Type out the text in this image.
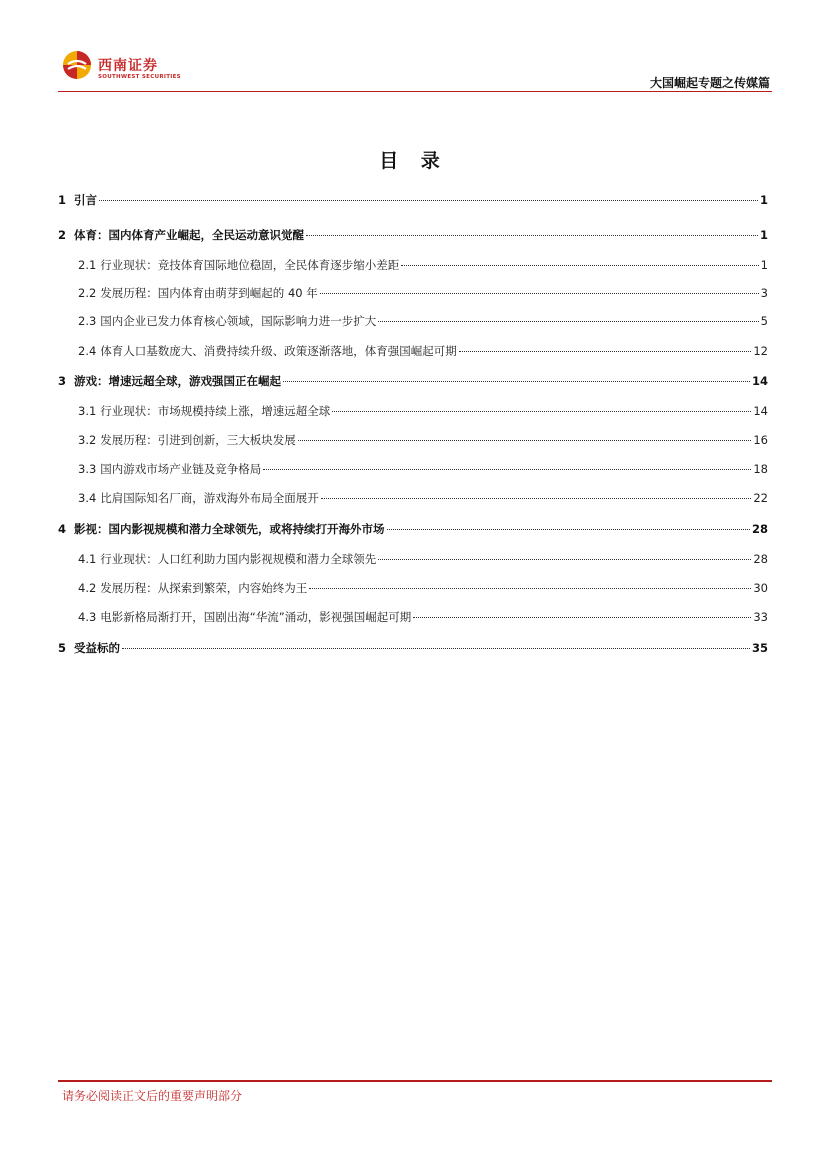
西南证券
SOUTHWEST SECURITIES	大国崛起专题之传媒篇
目 录
1 引言	1
2 体育：国内体育产业崛起，全民运动意识觉醒	1
2.1 行业现状：竞技体育国际地位稳固，全民体育逐步缩小差距	1
2.2 发展历程：国内体育由萌芽到崛起的 40 年	3
2.3 国内企业已发力体育核心领域，国际影响力进一步扩大	5
2.4 体育人口基数庞大、消费持续升级、政策逐渐落地，体育强国崛起可期	12
3 游戏：增速远超全球，游戏强国正在崛起	14
3.1 行业现状：市场规模持续上涨，增速远超全球	14
3.2 发展历程：引进到创新，三大板块发展	16
3.3 国内游戏市场产业链及竞争格局	18
3.4 比肩国际知名厂商，游戏海外布局全面展开	22
4 影视：国内影视规模和潜力全球领先，或将持续打开海外市场	28
4.1 行业现状：人口红利助力国内影视规模和潜力全球领先	28
4.2 发展历程：从探索到繁荣，内容始终为王	30
4.3 电影新格局渐打开，国剧出海“华流”涌动，影视强国崛起可期	33
5 受益标的	35
请务必阅读正文后的重要声明部分
